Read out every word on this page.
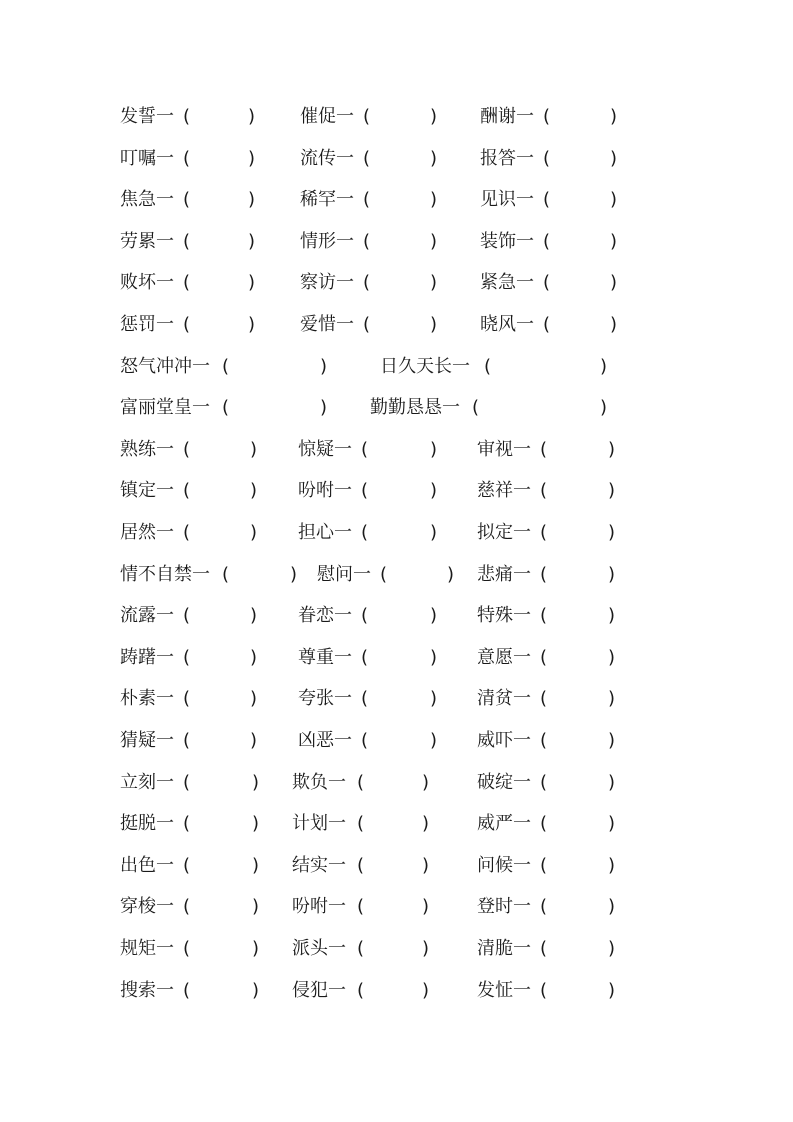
发誓一 (	) 催促一 (	) 酬谢一 (	)
叮嘱一 (	) 流传一 (	) 报答一 (	)
焦急一 (	) 稀罕一 (	) 见识一 (	)
劳累一 (	) 情形一 (	) 装饰一 (	)
败坏一 (	) 察访一 (	) 紧急一 (	)
惩罚一 (	) 爱惜一 (	) 晓风一 (	)
怒气冲冲一 (	)	日久天长一 (	)
富丽堂皇一 (	) 勤勤恳恳一 (	)
熟练一 (	) 惊疑一 (	) 审视一 (	)
镇定一 (	) 吩咐一 (	) 慈祥一 (	)
居然一 (	) 担心一 (	) 拟定一 (	)
情不自禁一 (	) 慰问一 (	) 悲痛一 (	)
流露一 (	) 眷恋一 (	) 特殊一 (	)
踌躇一 (	) 尊重一 (	) 意愿一 (	)
朴素一 (	) 夸张一 (	) 清贫一 (	)
猜疑一 (	) 凶恶一 (	) 威吓一 (	)
立刻一 (	) 欺负一 (	)	破绽一 (	)
挺脱一 (	) 计划一 (	)	威严一 (	)
出色一 (	) 结实一 (	)	问候一 (	)
穿梭一 (	) 吩咐一 (	)	登时一 (	)
规矩一 (	) 派头一 (	)	清脆一 (	)
搜索一 (	) 侵犯一 (	)	发怔一 (	)
